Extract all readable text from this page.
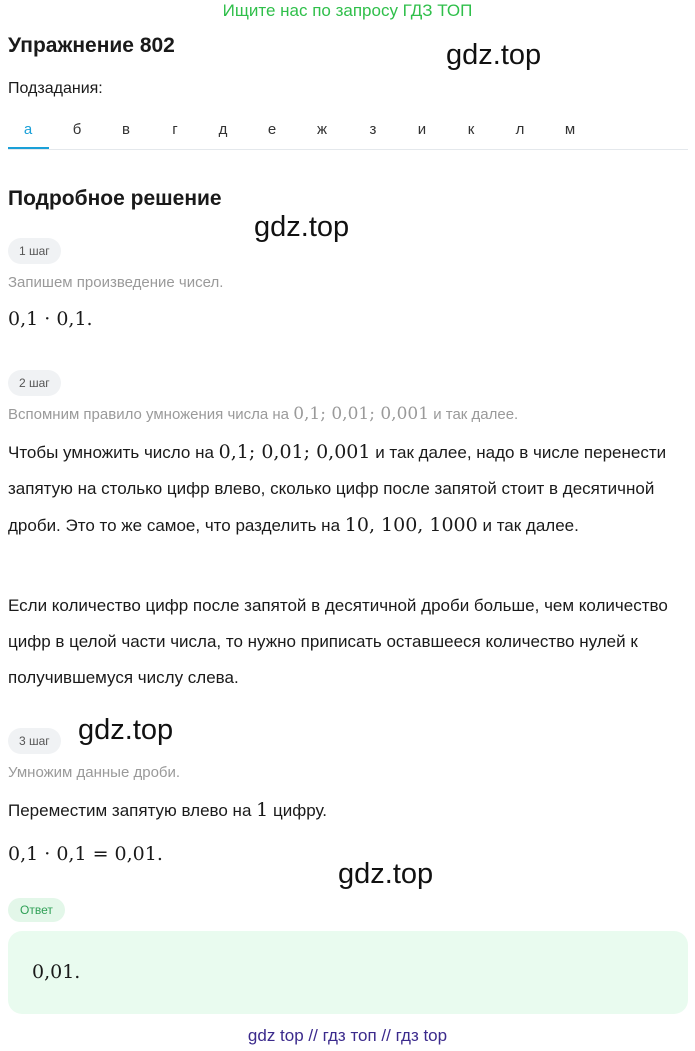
Ищите нас по запросу ГДЗ ТОП
Упражнение 802	gdz.top
Подзадания:
а	б	в	г	д	е	ж	з	и	к	л	м
Подробное решение
gdz.top
1 шаг
Запишем произведение чисел.
0,1 · 0,1.
2 шаг
Вспомним правило умножения числа на 0,1; 0,01; 0,001 и так далее.
Чтобы умножить число на 0,1; 0,01; 0,001 и так далее, надо в числе перенести запятую на столько цифр влево, сколько цифр после запятой стоит в десятичной дроби. Это то же самое, что разделить на 10, 100, 1000 и так далее.
Если количество цифр после запятой в десятичной дроби больше, чем количество цифр в целой части числа, то нужно приписать оставшееся количество нулей к получившемуся числу слева.
3 шаг gdz.top
Умножим данные дроби.
Переместим запятую влево на 1 цифру.
0,1 · 0,1 = 0,01.
gdz.top
Ответ
0,01.
gdz top // гдз топ // гдз top
